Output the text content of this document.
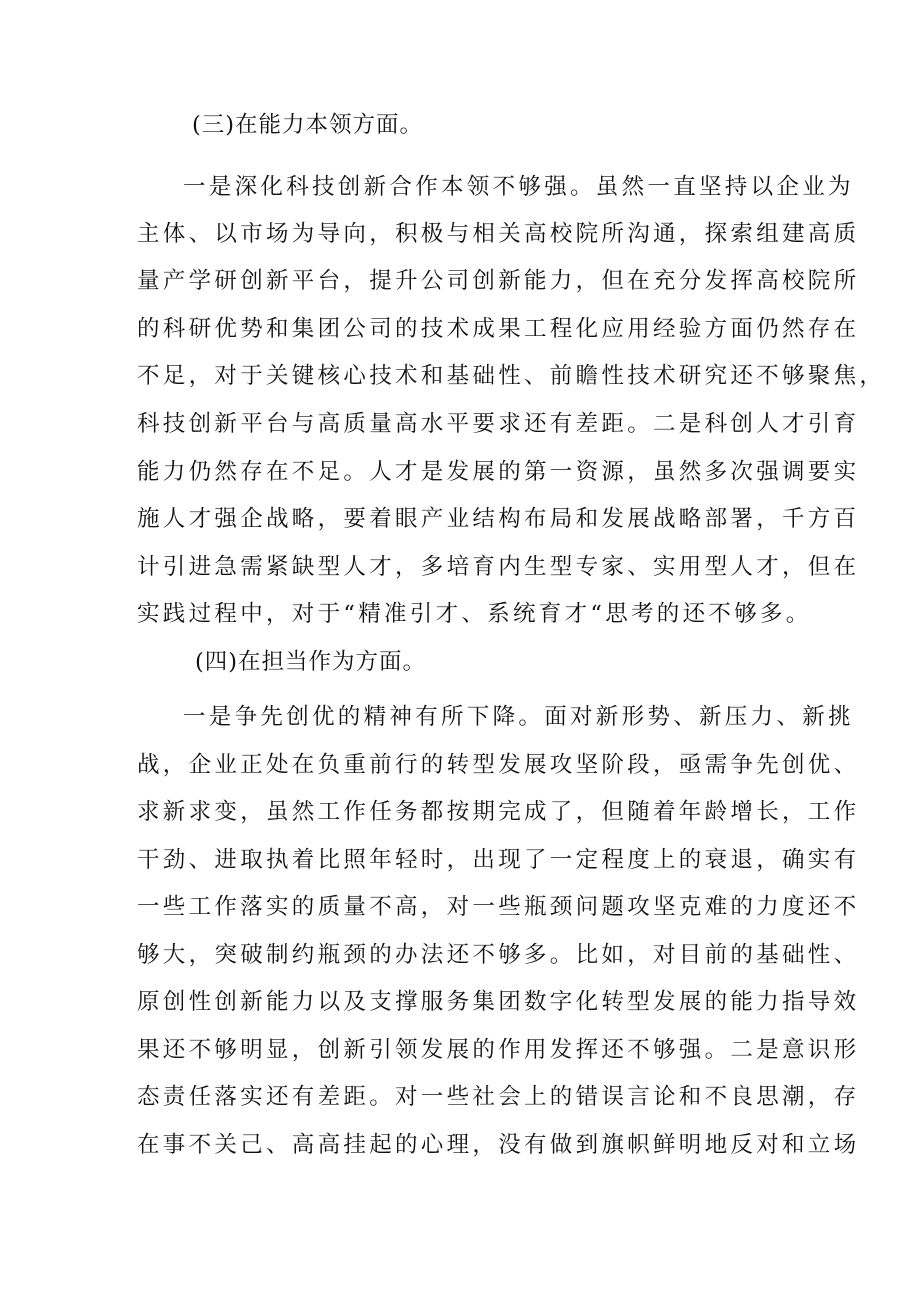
(三)在能力本领方面。
一是深化科技创新合作本领不够强。虽然一直坚持以企业为
主体、以市场为导向，积极与相关高校院所沟通，探索组建高质
量产学研创新平台，提升公司创新能力，但在充分发挥高校院所
的科研优势和集团公司的技术成果工程化应用经验方面仍然存在
不足，对于关键核心技术和基础性、前瞻性技术研究还不够聚焦，
科技创新平台与高质量高水平要求还有差距。二是科创人才引育
能力仍然存在不足。人才是发展的第一资源，虽然多次强调要实
施人才强企战略，要着眼产业结构布局和发展战略部署，千方百
计引进急需紧缺型人才，多培育内生型专家、实用型人才，但在
实践过程中，对于“精准引才、系统育才“思考的还不够多。
(四)在担当作为方面。
一是争先创优的精神有所下降。面对新形势、新压力、新挑
战，企业正处在负重前行的转型发展攻坚阶段，亟需争先创优、
求新求变，虽然工作任务都按期完成了，但随着年龄增长，工作
干劲、进取执着比照年轻时，出现了一定程度上的衰退，确实有
一些工作落实的质量不高，对一些瓶颈问题攻坚克难的力度还不
够大，突破制约瓶颈的办法还不够多。比如，对目前的基础性、
原创性创新能力以及支撑服务集团数字化转型发展的能力指导效
果还不够明显，创新引领发展的作用发挥还不够强。二是意识形
态责任落实还有差距。对一些社会上的错误言论和不良思潮，存
在事不关己、高高挂起的心理，没有做到旗帜鲜明地反对和立场
